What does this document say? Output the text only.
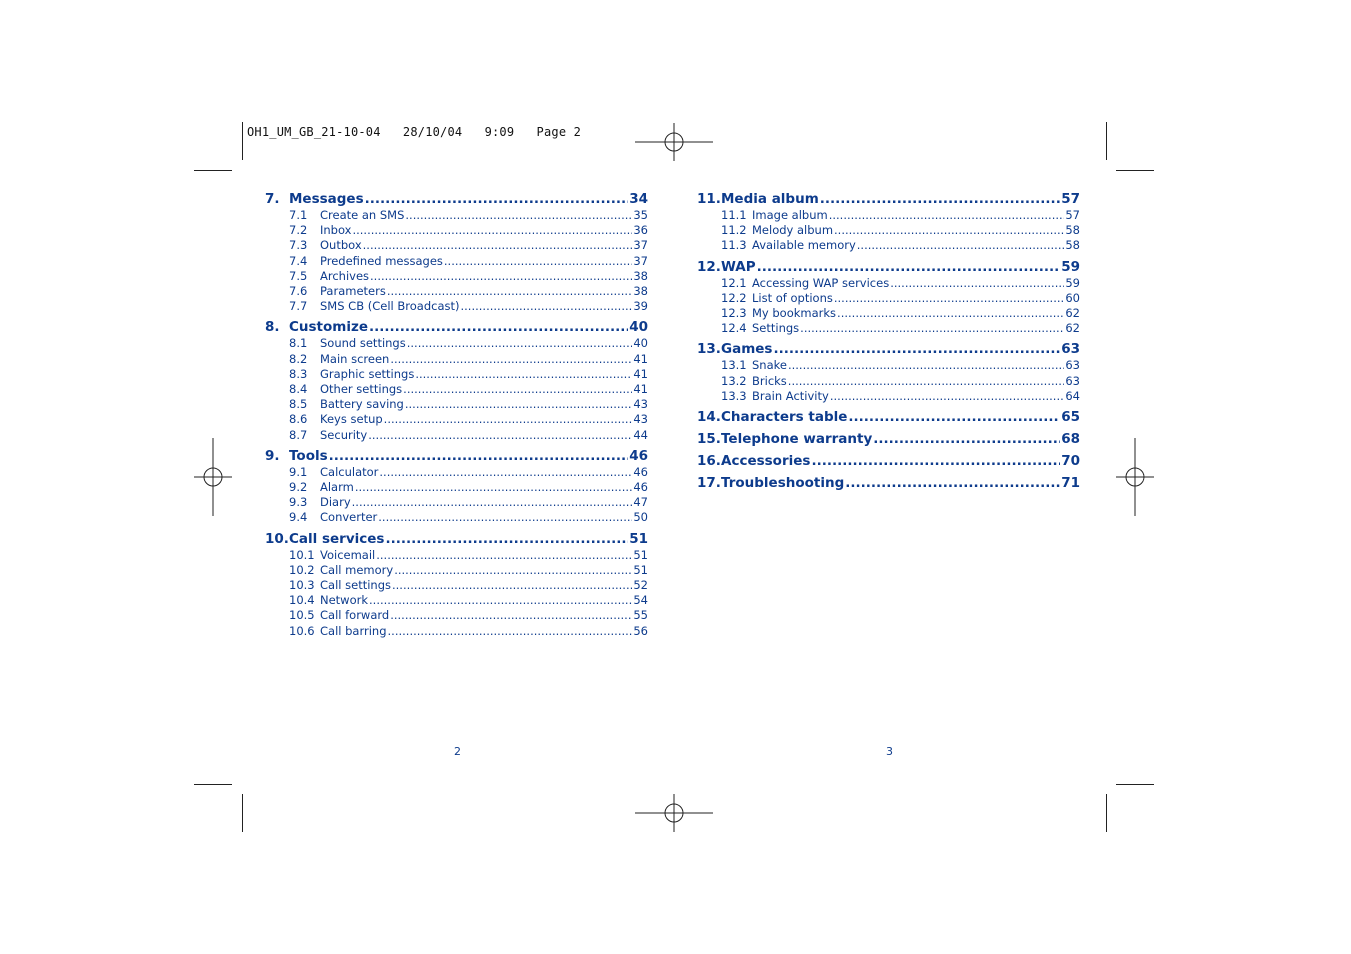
OH1_UM_GB_21-10-04   28/10/04   9:09   Page 2
7. Messages .....	34
7.1	Create an SMS .....	35
7.2	Inbox .....	36
7.3	Outbox .....	37
7.4	Predefined messages .....	37
7.5	Archives .....	38
7.6	Parameters .....	38
7.7	SMS CB (Cell Broadcast) .....	39
8. Customize .....	40
8.1	Sound settings .....	40
8.2	Main screen .....	41
8.3	Graphic settings .....	41
8.4	Other settings .....	41
8.5	Battery saving .....	43
8.6	Keys setup .....	43
8.7	Security .....	44
9. Tools .....	46
9.1	Calculator .....	46
9.2	Alarm .....	46
9.3	Diary .....	47
9.4	Converter .....	50
10. Call services .....	51
10.1 Voicemail .....	51
10.2 Call memory .....	51
10.3 Call settings .....	52
10.4 Network .....	54
10.5 Call forward .....	55
10.6 Call barring .....	56
11. Media album .....	57
11.1 Image album .....	57
11.2 Melody album .....	58
11.3 Available memory .....	58
12. WAP .....	59
12.1 Accessing WAP services .....	59
12.2 List of options .....	60
12.3 My bookmarks .....	62
12.4 Settings .....	62
13. Games .....	63
13.1 Snake .....	63
13.2 Bricks .....	63
13.3 Brain Activity .....	64
14. Characters table .....	65
15. Telephone warranty .....	68
16. Accessories .....	70
17. Troubleshooting .....	71
2	3
